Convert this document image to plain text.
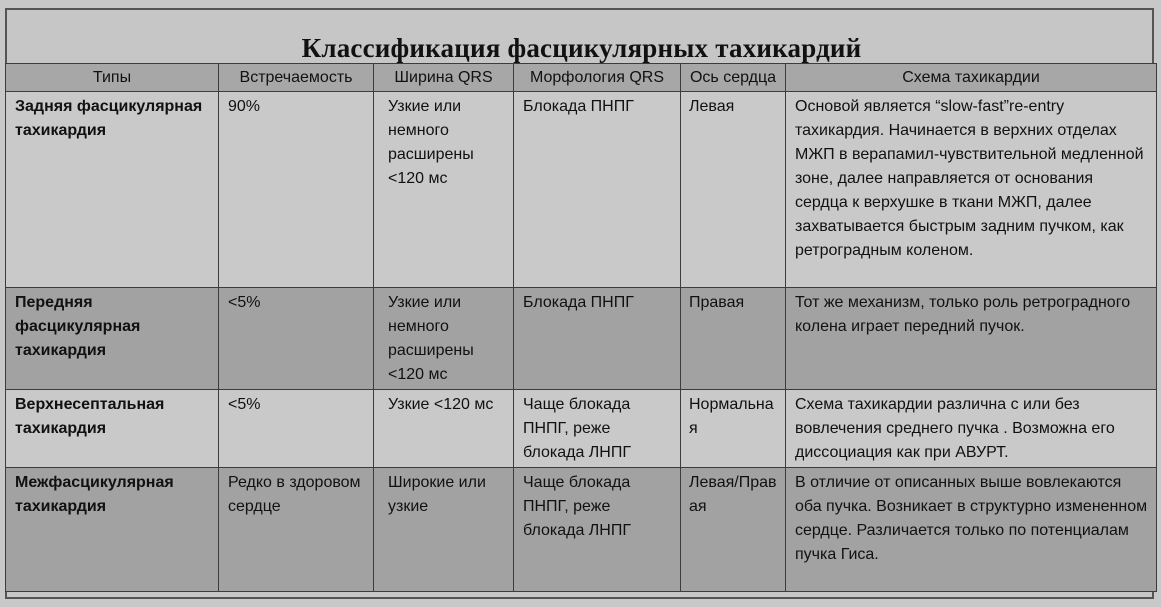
Классификация фасцикулярных тахикардий
Типы	Встречаемость	Ширина QRS	Морфология QRS	Ось сердца	Схема тахикардии
Задняя фасцикулярная тахикардия	90%	Узкие или немного расширены <120 мс	Блокада ПНПГ	Левая	Основой является “slow-fast”re-entry тахикардия. Начинается в верхних отделах МЖП в верапамил-чувствительной медленной зоне, далее направляется от основания сердца к верхушке в ткани МЖП, далее захватывается быстрым задним пучком, как ретроградным коленом.
Передняя фасцикулярная тахикардия	<5%	Узкие или немного расширены <120 мс	Блокада ПНПГ	Правая	Тот же механизм, только роль ретроградного колена играет передний пучок.
Верхнесептальная тахикардия	<5%	Узкие <120 мс	Чаще блокада ПНПГ, реже блокада ЛНПГ	Нормальная	Схема тахикардии различна с или без вовлечения среднего пучка . Возможна его диссоциация как при АВУРТ.
Межфасцикулярная тахикардия	Редко в здоровом сердце	Широкие или узкие	Чаще блокада ПНПГ, реже блокада ЛНПГ	Левая/Правая	В отличие от описанных выше вовлекаются оба пучка. Возникает в структурно измененном сердце. Различается только по потенциалам пучка Гиса.
